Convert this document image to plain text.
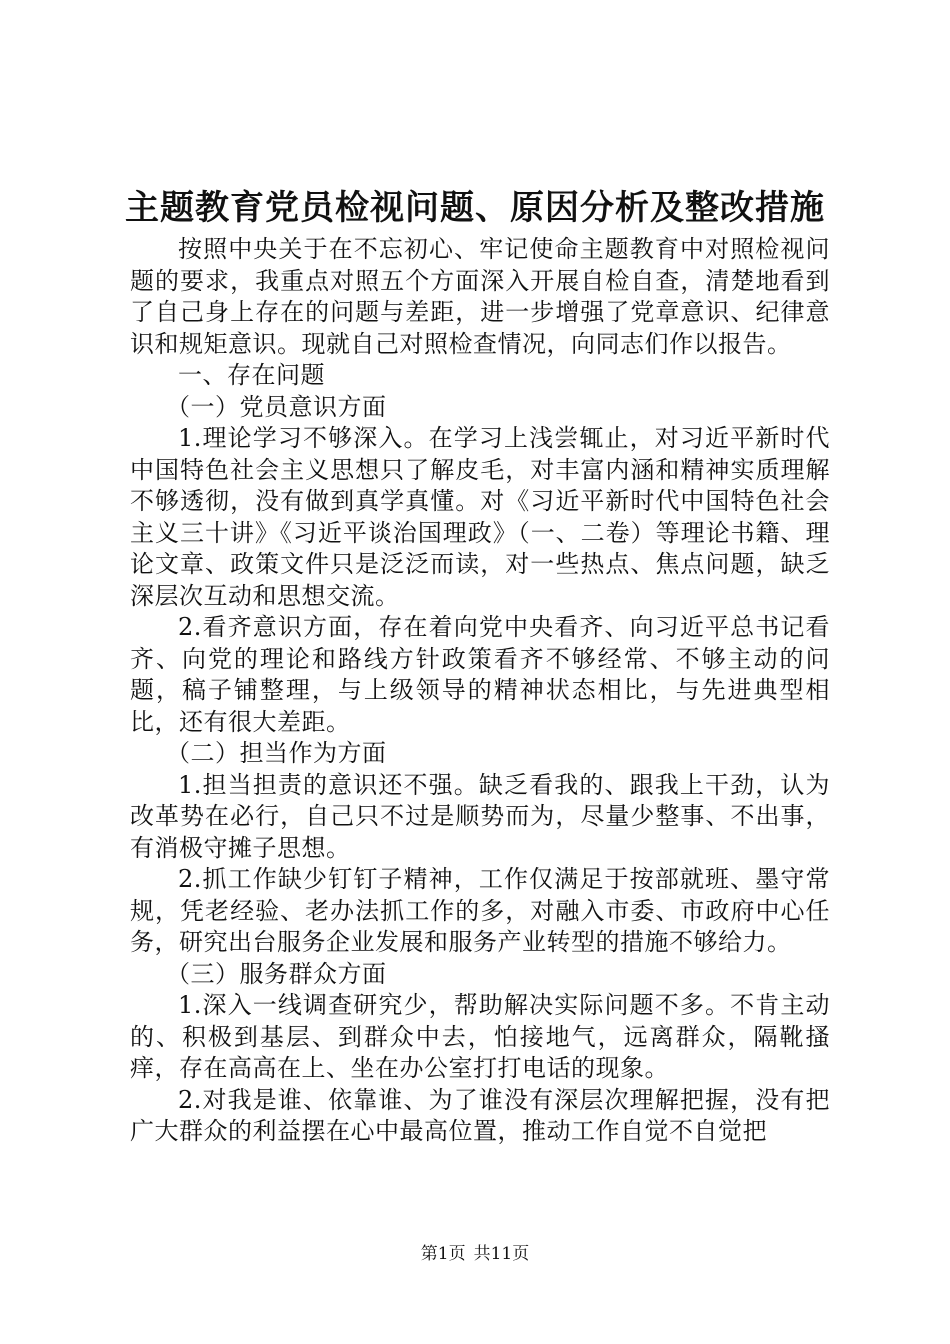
主题教育党员检视问题、原因分析及整改措施

按照中央关于在不忘初心、牢记使命主题教育中对照检视问题的要求，我重点对照五个方面深入开展自检自查，清楚地看到了自己身上存在的问题与差距，进一步增强了党章意识、纪律意识和规矩意识。现就自己对照检查情况，向同志们作以报告。

一、存在问题

（一）党员意识方面

1.理论学习不够深入。在学习上浅尝辄止，对习近平新时代中国特色社会主义思想只了解皮毛，对丰富内涵和精神实质理解不够透彻，没有做到真学真懂。对《习近平新时代中国特色社会主义三十讲》《习近平谈治国理政》（一、二卷）等理论书籍、理论文章、政策文件只是泛泛而读，对一些热点、焦点问题，缺乏深层次互动和思想交流。

2.看齐意识方面，存在着向党中央看齐、向习近平总书记看齐、向党的理论和路线方针政策看齐不够经常、不够主动的问题，稿子铺整理，与上级领导的精神状态相比，与先进典型相比，还有很大差距。

（二）担当作为方面

1.担当担责的意识还不强。缺乏看我的、跟我上干劲，认为改革势在必行，自己只不过是顺势而为，尽量少整事、不出事，有消极守摊子思想。

2.抓工作缺少钉钉子精神，工作仅满足于按部就班、墨守常规，凭老经验、老办法抓工作的多，对融入市委、市政府中心任务，研究出台服务企业发展和服务产业转型的措施不够给力。

（三）服务群众方面

1.深入一线调查研究少，帮助解决实际问题不多。不肯主动的、积极到基层、到群众中去，怕接地气，远离群众，隔靴搔痒，存在高高在上、坐在办公室打打电话的现象。

2.对我是谁、依靠谁、为了谁没有深层次理解把握，没有把广大群众的利益摆在心中最高位置，推动工作自觉不自觉把

第1页 共11页
